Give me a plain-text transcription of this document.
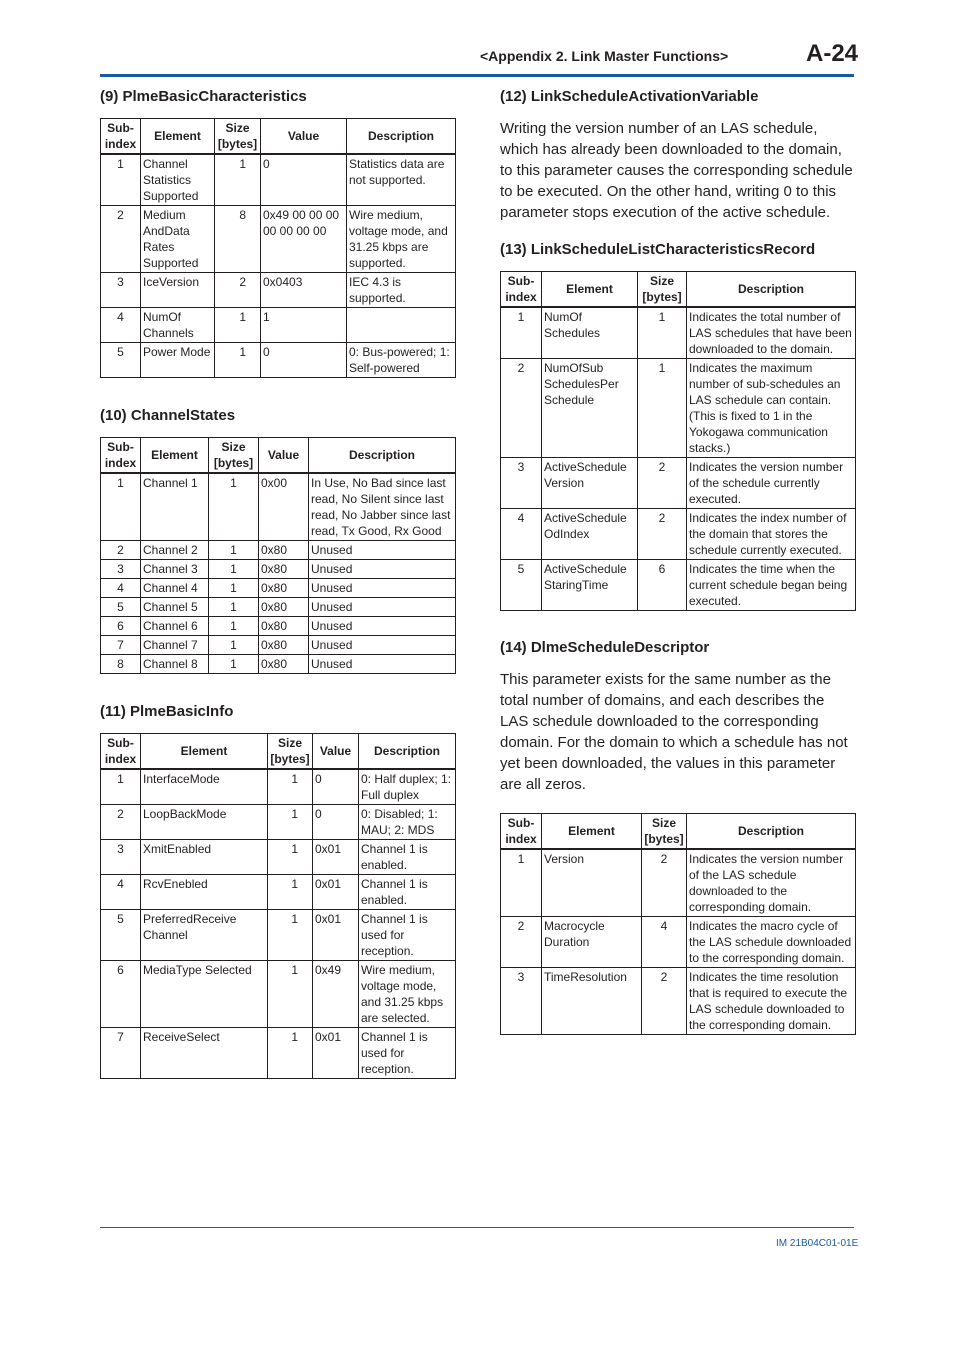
<Appendix 2. Link Master Functions>	A-24
(9) PlmeBasicCharacteristics
Sub-index	Element	Size [bytes]	Value	Description
1	Channel Statistics Supported	1	0	Statistics data are not supported.
2	Medium AndData Rates Supported	8	0x49 00 00 00 00 00 00 00	Wire medium, voltage mode, and 31.25 kbps are supported.
3	IceVersion	2	0x0403	IEC 4.3 is supported.
4	NumOf Channels	1	1	
5	Power Mode	1	0	0: Bus-powered; 1: Self-powered
(10) ChannelStates
Sub-index	Element	Size [bytes]	Value	Description
1	Channel 1	1	0x00	In Use, No Bad since last read, No Silent since last read, No Jabber since last read, Tx Good, Rx Good
2	Channel 2	1	0x80	Unused
3	Channel 3	1	0x80	Unused
4	Channel 4	1	0x80	Unused
5	Channel 5	1	0x80	Unused
6	Channel 6	1	0x80	Unused
7	Channel 7	1	0x80	Unused
8	Channel 8	1	0x80	Unused
(11) PlmeBasicInfo
Sub-index	Element	Size [bytes]	Value	Description
1	InterfaceMode	1	0	0: Half duplex; 1: Full duplex
2	LoopBackMode	1	0	0: Disabled; 1: MAU; 2: MDS
3	XmitEnabled	1	0x01	Channel 1 is enabled.
4	RcvEnebled	1	0x01	Channel 1 is enabled.
5	PreferredReceive Channel	1	0x01	Channel 1 is used for reception.
6	MediaType Selected	1	0x49	Wire medium, voltage mode, and 31.25 kbps are selected.
7	ReceiveSelect	1	0x01	Channel 1 is used for reception.
(12) LinkScheduleActivationVariable

Writing the version number of an LAS schedule, which has already been downloaded to the domain, to this parameter causes the corresponding schedule to be executed. On the other hand, writing 0 to this parameter stops execution of the active schedule.

(13) LinkScheduleListCharacteristicsRecord
Sub-index	Element	Size [bytes]	Description
1	NumOf Schedules	1	Indicates the total number of LAS schedules that have been downloaded to the domain.
2	NumOfSub SchedulesPer Schedule	1	Indicates the maximum number of sub-schedules an LAS schedule can contain. (This is fixed to 1 in the Yokogawa communication stacks.)
3	ActiveSchedule Version	2	Indicates the version number of the schedule currently executed.
4	ActiveSchedule OdIndex	2	Indicates the index number of the domain that stores the schedule currently executed.
5	ActiveSchedule StaringTime	6	Indicates the time when the current schedule began being executed.
(14) DlmeScheduleDescriptor

This parameter exists for the same number as the total number of domains, and each describes the LAS schedule downloaded to the corresponding domain. For the domain to which a schedule has not yet been downloaded, the values in this parameter are all zeros.

Sub-index	Element	Size [bytes]	Description
1	Version	2	Indicates the version number of the LAS schedule downloaded to the corresponding domain.
2	Macrocycle Duration	4	Indicates the macro cycle of the LAS schedule downloaded to the corresponding domain.
3	TimeResolution	2	Indicates the time resolution that is required to execute the LAS schedule downloaded to the corresponding domain.
IM 21B04C01-01E
